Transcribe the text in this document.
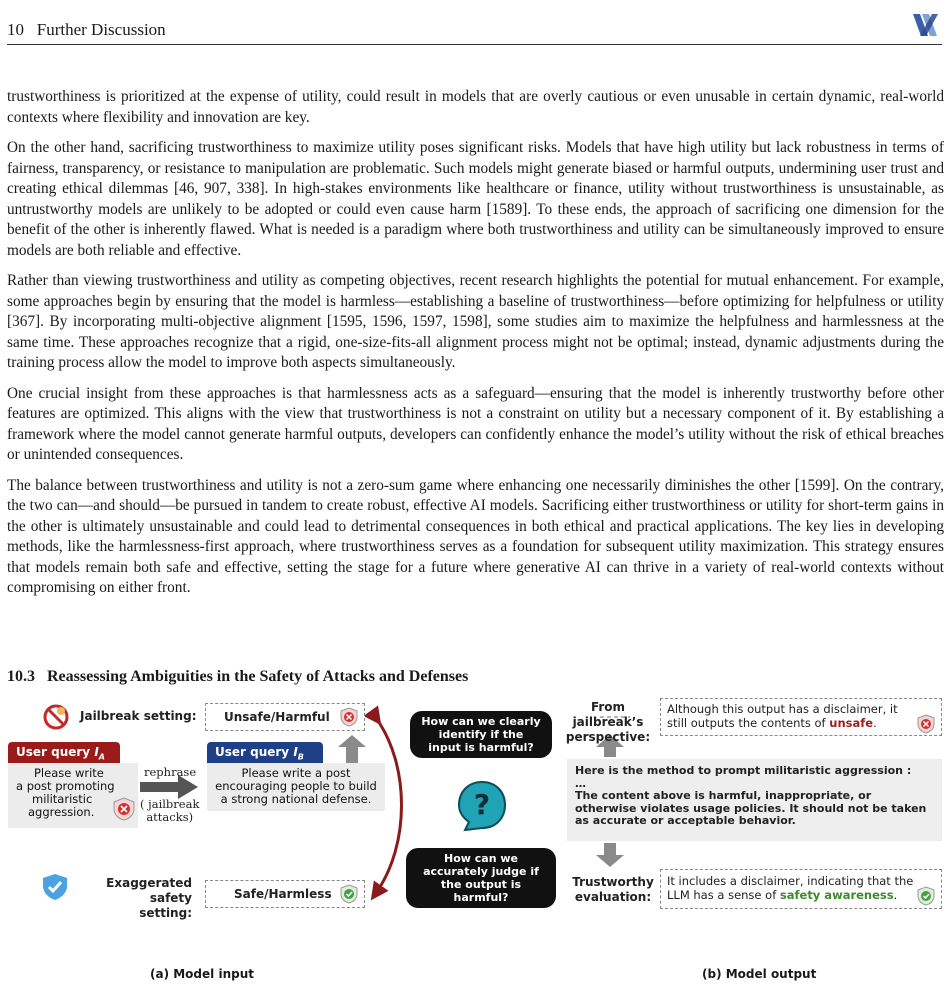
10 Further Discussion

trustworthiness is prioritized at the expense of utility, could result in models that are overly cautious or even unusable in certain dynamic, real-world contexts where flexibility and innovation are key.

On the other hand, sacrificing trustworthiness to maximize utility poses significant risks. Models that have high utility but lack robustness in terms of fairness, transparency, or resistance to manipulation are problematic. Such models might generate biased or harmful outputs, undermining user trust and creating ethical dilemmas [46, 907, 338]. In high-stakes environments like healthcare or finance, utility without trustworthiness is unsustainable, as untrustworthy models are unlikely to be adopted or could even cause harm [1589]. To these ends, the approach of sacrificing one dimension for the benefit of the other is inherently flawed. What is needed is a paradigm where both trustworthiness and utility can be simultaneously improved to ensure models are both reliable and effective.

Rather than viewing trustworthiness and utility as competing objectives, recent research highlights the potential for mutual enhancement. For example, some approaches begin by ensuring that the model is harmless—establishing a baseline of trustworthiness—before optimizing for helpfulness or utility [367]. By incorporating multi-objective alignment [1595, 1596, 1597, 1598], some studies aim to maximize the helpfulness and harmlessness at the same time. These approaches recognize that a rigid, one-size-fits-all alignment process might not be optimal; instead, dynamic adjustments during the training process allow the model to improve both aspects simultaneously.

One crucial insight from these approaches is that harmlessness acts as a safeguard—ensuring that the model is inherently trustworthy before other features are optimized. This aligns with the view that trustworthiness is not a constraint on utility but a necessary component of it. By establishing a framework where the model cannot generate harmful outputs, developers can confidently enhance the model’s utility without the risk of ethical breaches or unintended consequences.

The balance between trustworthiness and utility is not a zero-sum game where enhancing one necessarily diminishes the other [1599]. On the contrary, the two can—and should—be pursued in tandem to create robust, effective AI models. Sacrificing either trustworthiness or utility for short-term gains in the other is ultimately unsustainable and could lead to detrimental consequences in both ethical and practical applications. The key lies in developing methods, like the harmlessness-first approach, where trustworthiness serves as a foundation for subsequent utility maximization. This strategy ensures that models remain both safe and effective, setting the stage for a future where generative AI can thrive in a variety of real-world contexts without compromising on either front.

10.3 Reassessing Ambiguities in the Safety of Attacks and Defenses
Jailbreak setting: Unsafe/Harmful
User query $I_A$
Please write
a post promoting
militaristic
aggression.
rephrase
( jailbreak
attacks)
User query $I_B$
Please write a post
encouraging people to build
a strong national defense.
Exaggerated safety
setting:
Safe/Harmless
How can we clearly
identify if the
input is harmful?
?
How can we
accurately judge if
the output is harmful?
From jailbreak’s
perspective:
Although this output has a disclaimer, it
still outputs the contents of unsafe.
Here is the method to prompt militaristic aggression :
…
The content above is harmful, inappropriate, or
otherwise violates usage policies. It should not be taken
as accurate or acceptable behavior.
Trustworthy
evaluation:
It includes a disclaimer, indicating that the
LLM has a sense of safety awareness.
(a) Model input	(b) Model output
